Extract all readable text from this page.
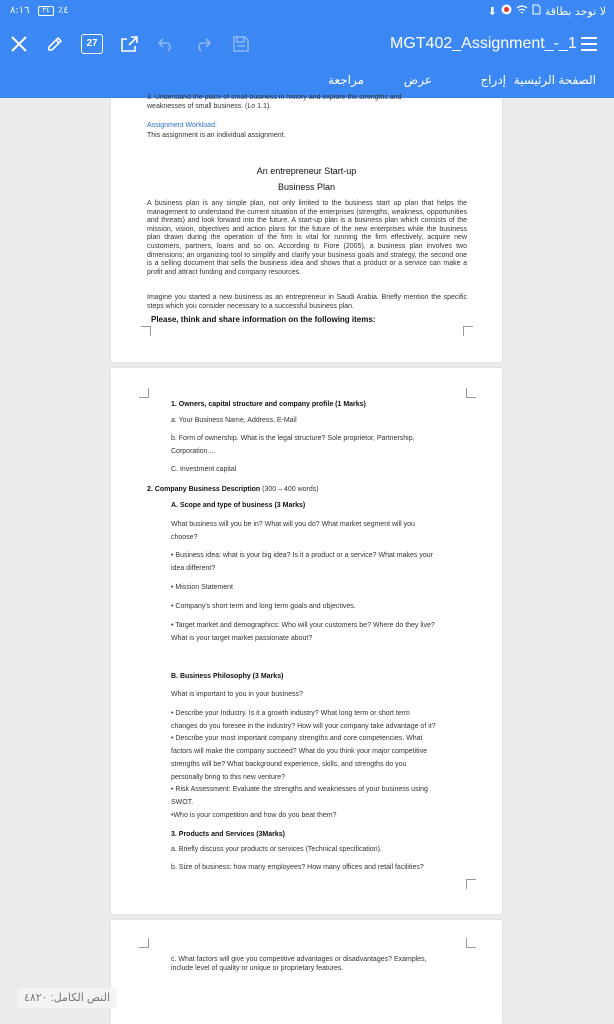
٨:١٦	٣٤ ٪٤	⬇	لا توجد بطاقة
27	MGT402_Assignment_-_1
الصفحة الرئيسية
إدراج
عرض
مراجعة
3. Understand the place of small business in history and explore the strengths and
weaknesses of small business. (Lo 1.1).
Assignment Workload:
This assignment is an individual assignment.
An entrepreneur Start-up
Business Plan
A business plan is any simple plan, not only limited to the business start up plan that helps the management to understand the current situation of the enterprises (strengths, weakness, opportunities and threats) and look forward into the future. A start-up plan is a business plan which consists of the mission, vision, objectives and action plans for the future of the new enterprises while the business plan drawn during the operation of the firm is vital for running the firm effectively, acquire new customers, partners, loans and so on. According to Fiore (2005), a business plan involves two dimensions; an organizing tool to simplify and clarify your business goals and strategy, the second one is a selling document that sells the business idea and shows that a product or a service can make a profit and attract funding and company resources.
Imagine you started a new business as an entrepreneur in Saudi Arabia. Briefly mention the specific steps which you consider necessary to a successful business plan.
Please, think and share information on the following items:
1. Owners, capital structure and company profile (1 Marks)
a. Your Business Name, Address, E-Mail
b. Form of ownership. What is the legal structure? Sole proprietor, Partnership,
Corporation....
C. Investment capital
2. Company Business Description (300 – 400 words)
A. Scope and type of business (3 Marks)
What business will you be in? What will you do? What market segment will you
choose?
• Business idea: what is your big idea? Is it a product or a service? What makes your
idea different?
• Mission Statement
• Company's short term and long term goals and objectives.
• Target market and demographics: Who will your customers be? Where do they live?
What is your target market passionate about?
B. Business Philosophy (3 Marks)
What is important to you in your business?
• Describe your Industry. Is it a growth industry? What long term or short term
changes do you foresee in the industry? How will your company take advantage of it?
• Describe your most important company strengths and core competencies. What
factors will make the company succeed? What do you think your major competitive
strengths will be? What background experience, skills, and strengths do you
personally bring to this new venture?
• Risk Assessment: Evaluate the strengths and weaknesses of your business using
SWOT.
•Who is your competition and how do you beat them?
3. Products and Services (3Marks)
a. Briefly discuss your products or services (Technical specification).
b. Size of business: how many employees? How many offices and retail facilities?
c. What factors will give you competitive advantages or disadvantages? Examples,
include level of quality or unique or proprietary features.
النص الكامل: ٤٨٢٠
